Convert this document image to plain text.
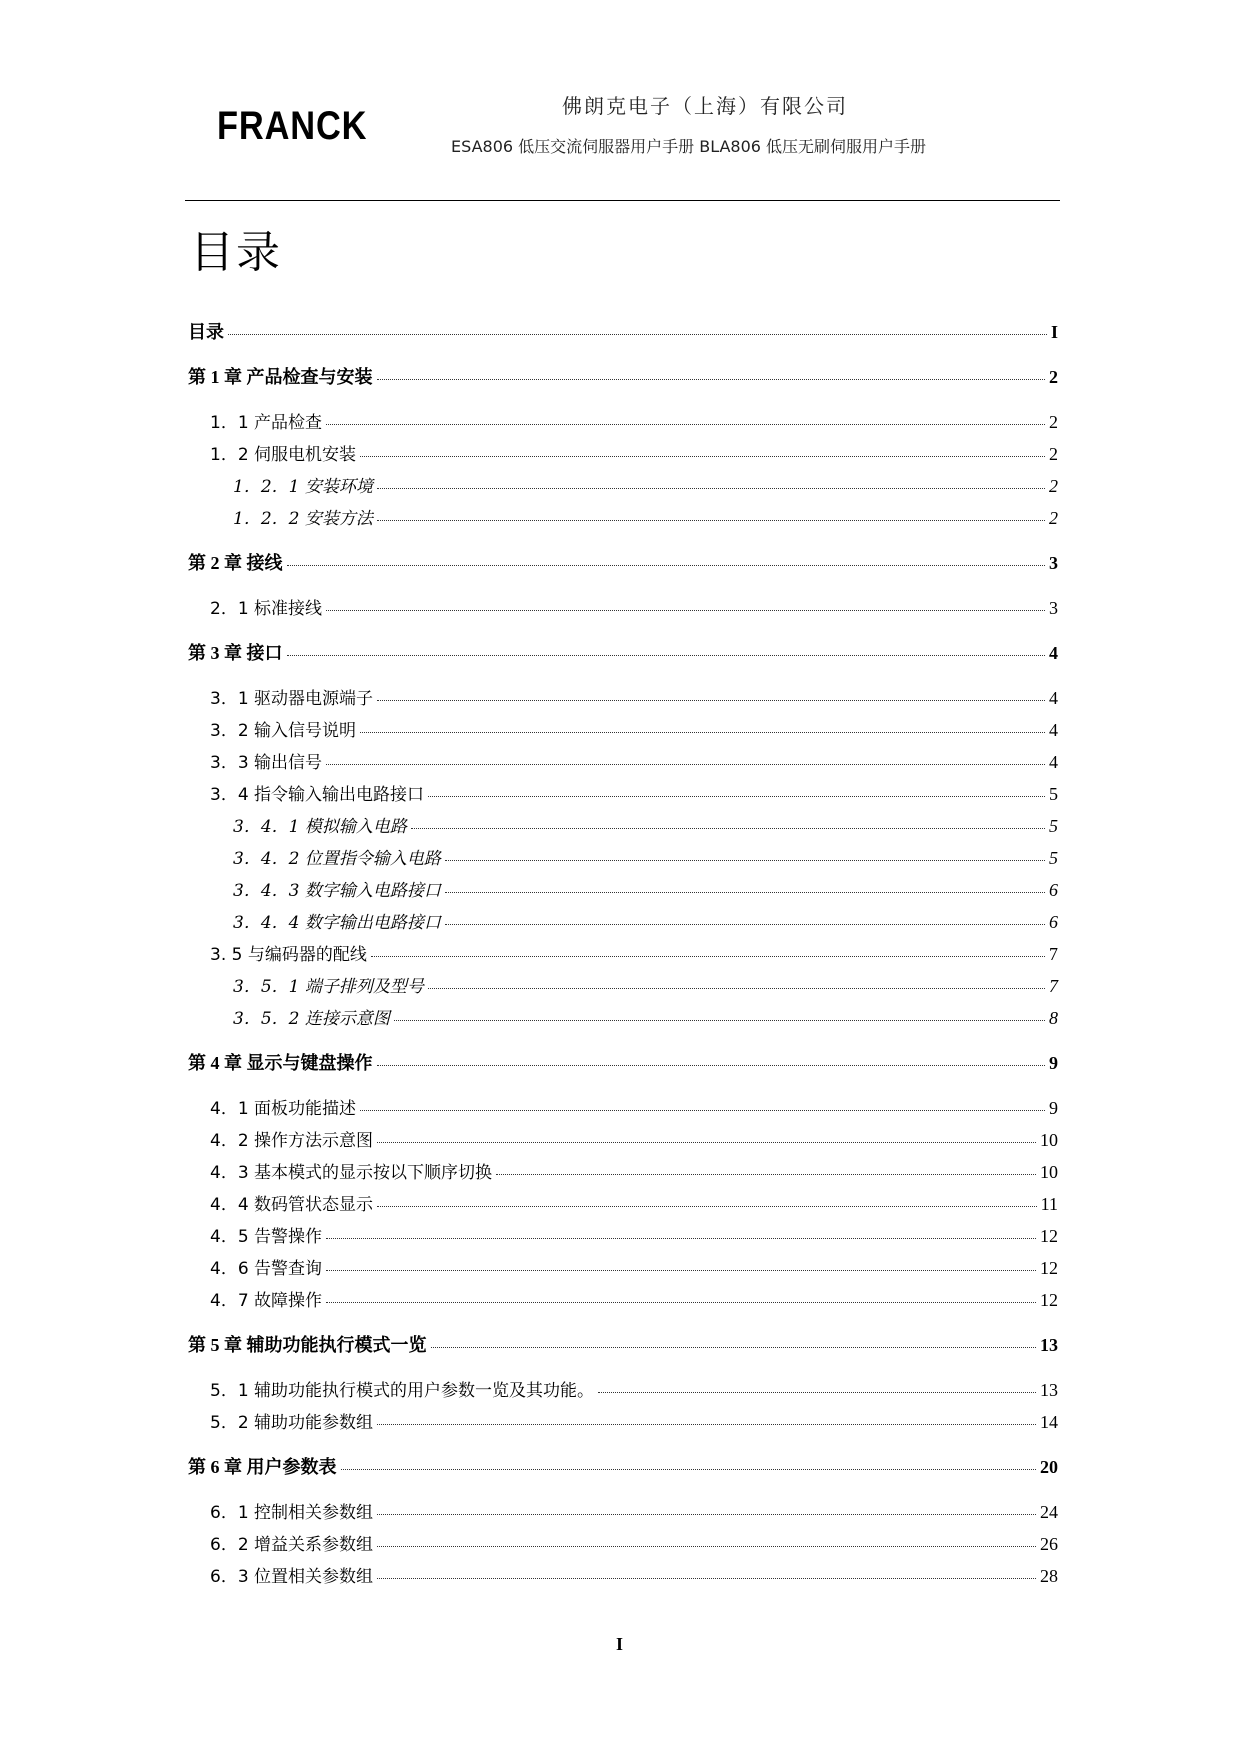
FRANCK	佛朗克电子（上海）有限公司
ESA806 低压交流伺服器用户手册 BLA806 低压无刷伺服用户手册
目录
目录	I
第 1 章 产品检查与安装	2
1．1 产品检查	2
1．2 伺服电机安装	2
1．2．1 安装环境	2
1．2．2 安装方法	2
第 2 章 接线	3
2．1 标准接线	3
第 3 章 接口	4
3．1 驱动器电源端子	4
3．2 输入信号说明	4
3．3 输出信号	4
3．4 指令输入输出电路接口	5
3．4．1 模拟输入电路	5
3．4．2 位置指令输入电路	5
3．4．3 数字输入电路接口	6
3．4．4 数字输出电路接口	6
3. 5 与编码器的配线	7
3．5．1 端子排列及型号	7
3．5．2 连接示意图	8
第 4 章 显示与键盘操作	9
4．1 面板功能描述	9
4．2 操作方法示意图	10
4．3 基本模式的显示按以下顺序切换	10
4．4 数码管状态显示	11
4．5 告警操作	12
4．6 告警查询	12
4．7 故障操作	12
第 5 章 辅助功能执行模式一览	13
5．1 辅助功能执行模式的用户参数一览及其功能。	13
5．2 辅助功能参数组	14
第 6 章 用户参数表	20
6．1 控制相关参数组	24
6．2 增益关系参数组	26
6．3 位置相关参数组	28
I
